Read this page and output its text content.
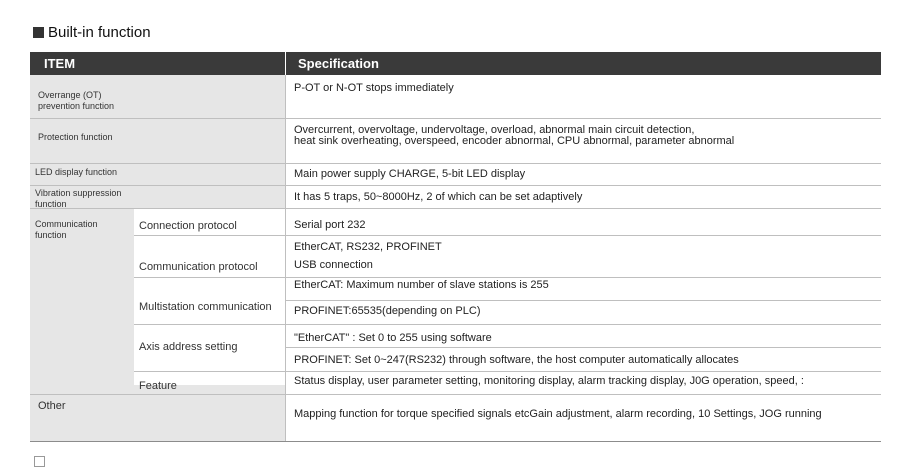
Built-in function
ITEM	Specification
Overrange (OT) prevention function
Protection function
LED display function
Vibration suppression function
Communication function
Other
Connection protocol
Communication protocol
Multistation communication
Axis address setting
Feature
P-OT or N-OT stops immediately
Overcurrent, overvoltage, undervoltage, overload, abnormal main circuit detection,
heat sink overheating, overspeed, encoder abnormal, CPU abnormal, parameter abnormal
Main power supply CHARGE, 5-bit LED display
It has 5 traps, 50~8000Hz, 2 of which can be set adaptively
Serial port 232
EtherCAT, RS232, PROFINET
USB connection
EtherCAT: Maximum number of slave stations is 255
PROFINET:65535(depending on PLC)
"EtherCAT" : Set 0 to 255 using software
PROFINET: Set 0~247(RS232) through software, the host computer automatically allocates
Status display, user parameter setting, monitoring display, alarm tracking display, J0G operation, speed, :
Mapping function for torque specified signals etcGain adjustment, alarm recording, 10 Settings, JOG running
